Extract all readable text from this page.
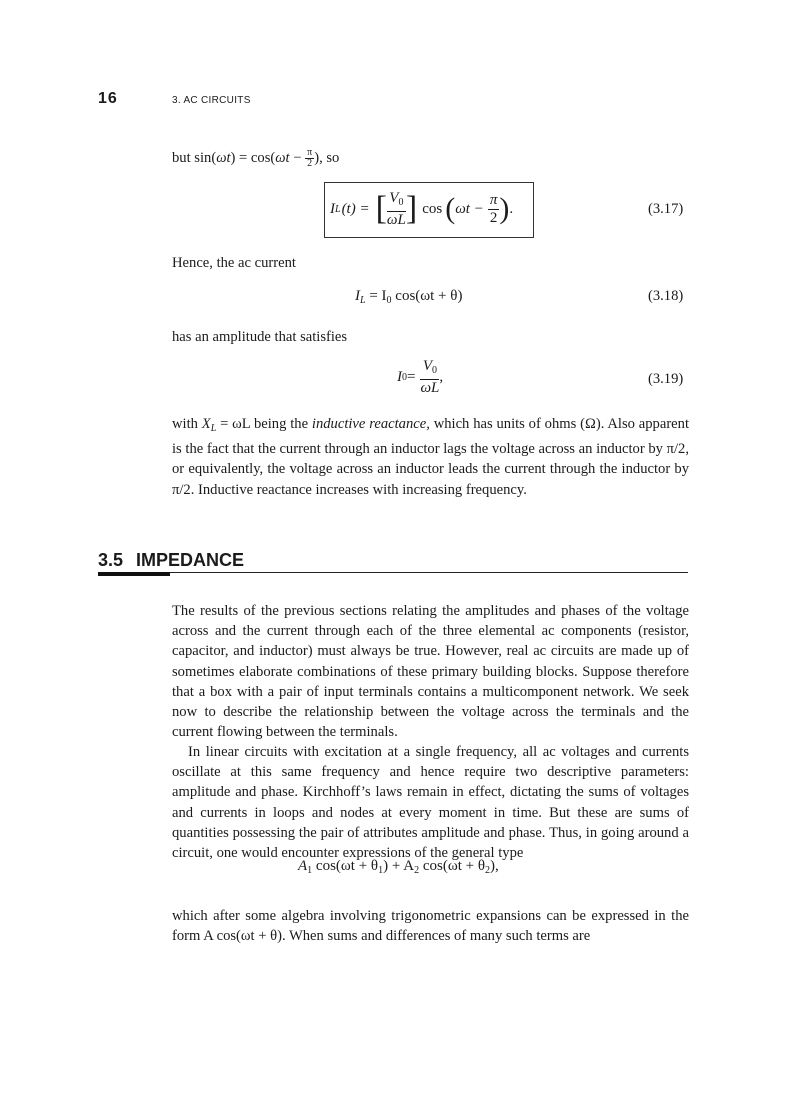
16	3. AC CIRCUITS
but $\sin(\omega t) = \cos(\omega t - \frac{\pi}{2}$ ), so
I L (t) = [ $\frac{V_0}{\omega L}$ ] cos ( $\omega t - \frac{\pi}{2}$ ) .	(3.17)
Hence, the ac current
$I_L = I_0$ cos(ωt + θ)	(3.18)
has an amplitude that satisfies
I $0 = \frac{V_0}{\omega L}$ ,	(3.19)
with $X_L = \omega L$ being the inductive reactance, which has units of ohms (Ω). Also apparent is the fact that the current through an inductor lags the voltage across an inductor by π/2, or equivalently, the voltage across an inductor leads the current through the inductor by π/2. Inductive reactance increases with increasing frequency.
3.5 IMPEDANCE
The results of the previous sections relating the amplitudes and phases of the voltage across and the current through each of the three elemental ac components (resistor, capacitor, and inductor) must always be true. However, real ac circuits are made up of sometimes elaborate combinations of these primary building blocks. Suppose therefore that a box with a pair of input terminals contains a multicomponent network. We seek now to describe the relationship between the voltage across the terminals and the current flowing between the terminals.
In linear circuits with excitation at a single frequency, all ac voltages and currents oscillate at this same frequency and hence require two descriptive parameters: amplitude and phase. Kirchhoff’s laws remain in effect, dictating the sums of voltages and currents in loops and nodes at every moment in time. But these are sums of quantities possessing the pair of attributes amplitude and phase. Thus, in going around a circuit, one would encounter expressions of the general type
$A_1$ $\cos(\omega t + \theta_1) + A_2$ $\cos(\omega t + \theta_2)$,
which after some algebra involving trigonometric expansions can be expressed in the form A cos(ωt + θ). When sums and differences of many such terms are
